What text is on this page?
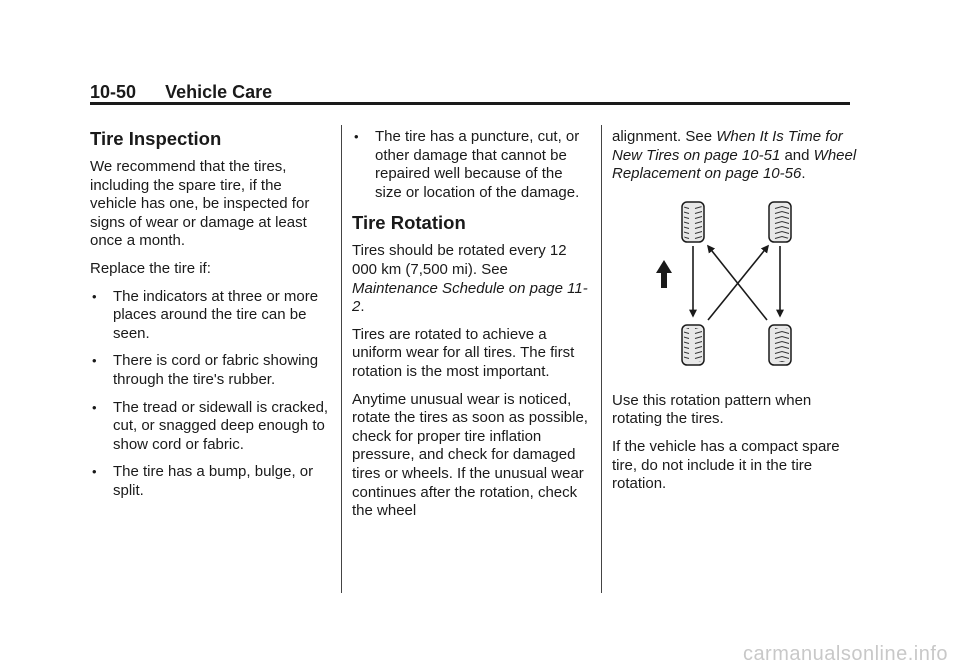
10-50 Vehicle Care
Tire Inspection

We recommend that the tires, including the spare tire, if the vehicle has one, be inspected for signs of wear or damage at least once a month.

Replace the tire if:

• The indicators at three or more places around the tire can be seen.
• There is cord or fabric showing through the tire's rubber.
• The tread or sidewall is cracked, cut, or snagged deep enough to show cord or fabric.
• The tire has a bump, bulge, or split.
• The tire has a puncture, cut, or other damage that cannot be repaired well because of the size or location of the damage.
Tire Rotation

Tires should be rotated every 12 000 km (7,500 mi). See Maintenance Schedule on page 11-2.

Tires are rotated to achieve a uniform wear for all tires. The first rotation is the most important.

Anytime unusual wear is noticed, rotate the tires as soon as possible, check for proper tire inflation pressure, and check for damaged tires or wheels. If the unusual wear continues after the rotation, check the wheel

alignment. See When It Is Time for New Tires on page 10-51 and Wheel Replacement on page 10-56.

Use this rotation pattern when rotating the tires.

If the vehicle has a compact spare tire, do not include it in the tire rotation.

carmanualsonline.info
